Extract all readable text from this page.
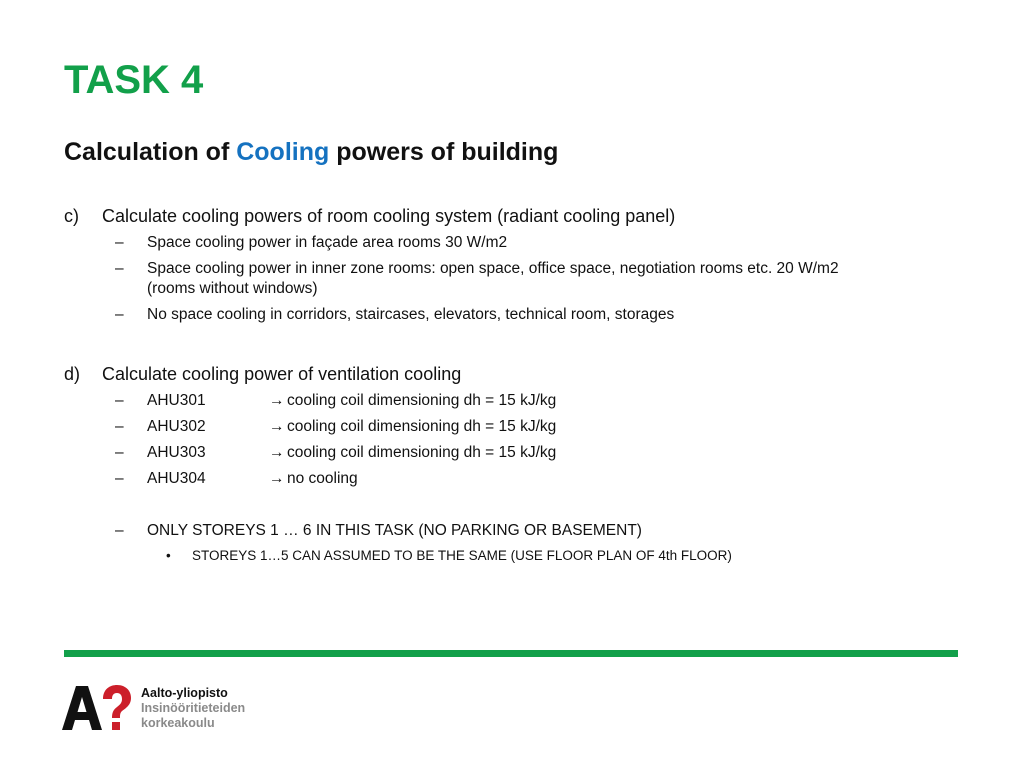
TASK 4
Calculation of Cooling powers of building
c) Calculate cooling powers of room cooling system (radiant cooling panel)
– Space cooling power in façade area rooms 30 W/m2
– Space cooling power in inner zone rooms: open space, office space, negotiation rooms etc. 20 W/m2
(rooms without windows)
– No space cooling in corridors, staircases, elevators, technical room, storages
d) Calculate cooling power of ventilation cooling
– AHU301	→ cooling coil dimensioning dh = 15 kJ/kg
– AHU302	→ cooling coil dimensioning dh = 15 kJ/kg
– AHU303	→ cooling coil dimensioning dh = 15 kJ/kg
– AHU304	→ no cooling
– ONLY STOREYS 1 … 6 IN THIS TASK (NO PARKING OR BASEMENT)
• STOREYS 1…5 CAN ASSUMED TO BE THE SAME (USE FLOOR PLAN OF 4th FLOOR)
Aalto-yliopisto
Insinööritieteiden
korkeakoulu
